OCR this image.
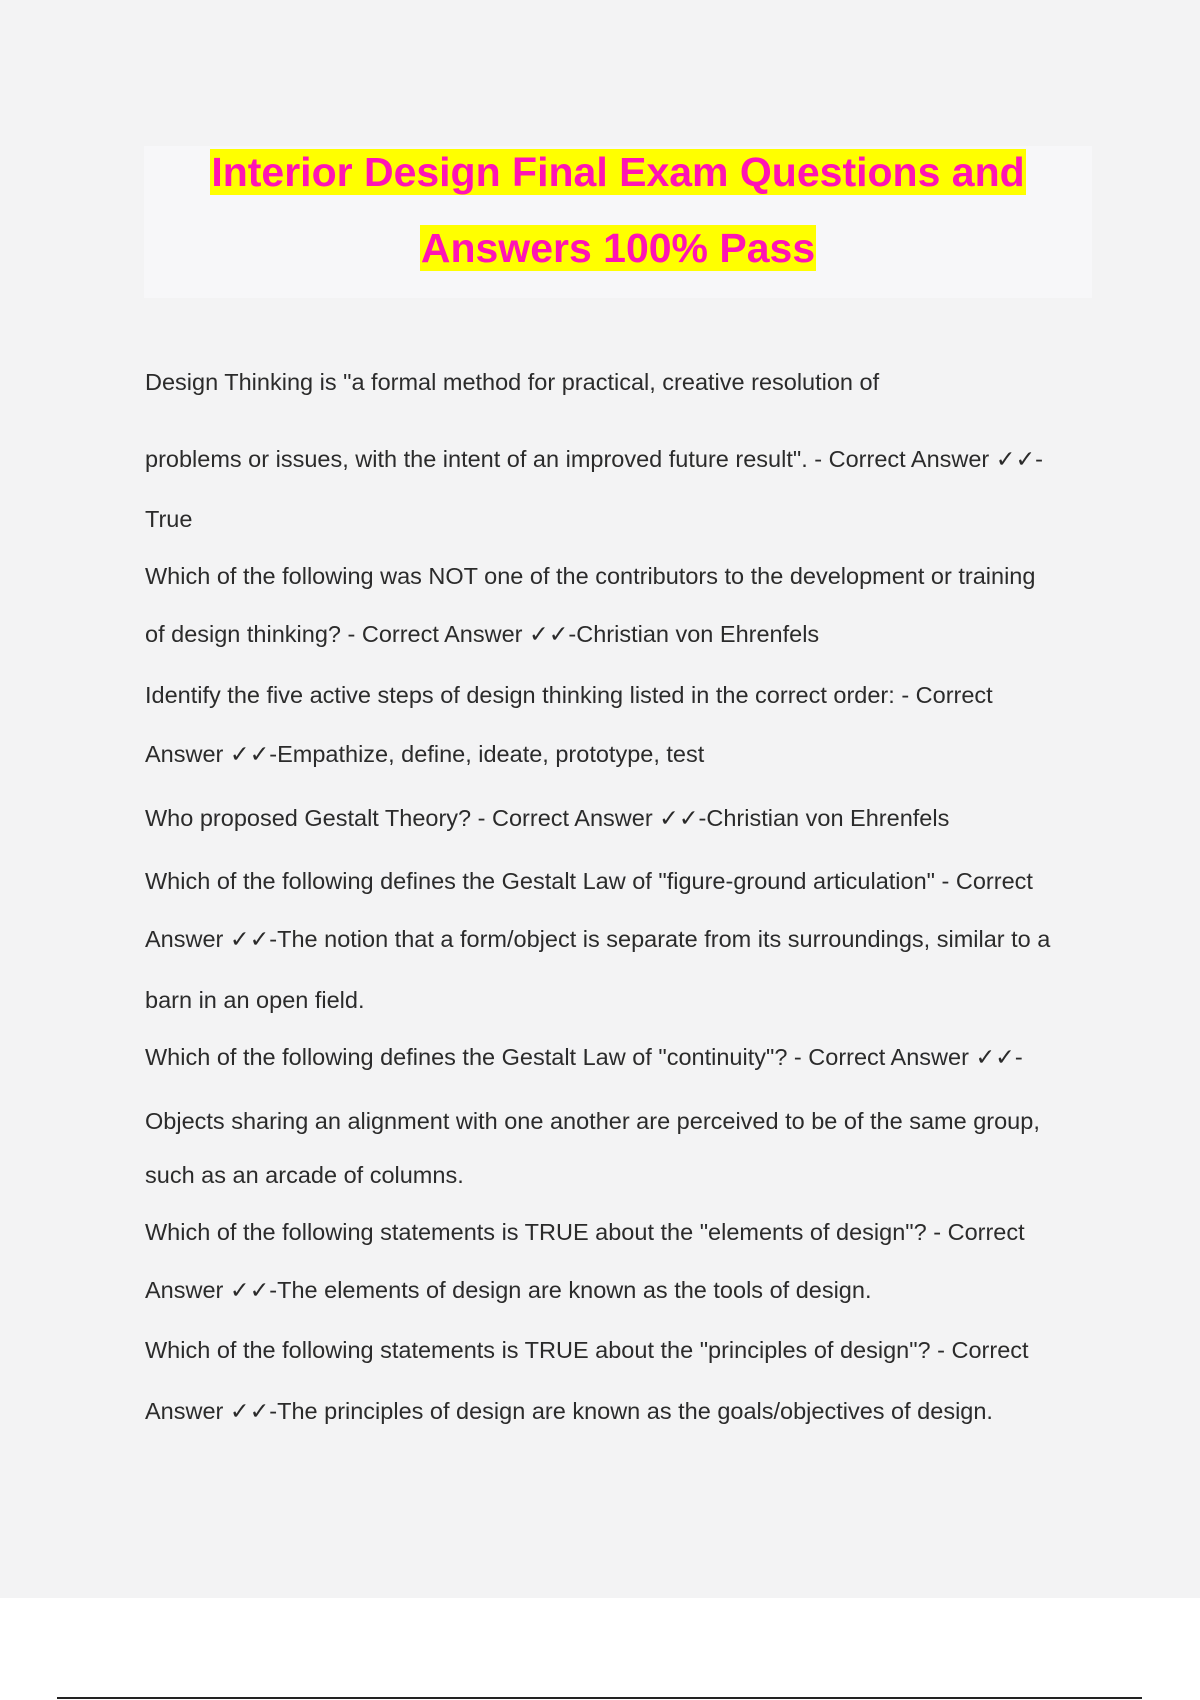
Interior Design Final Exam Questions and
Answers 100% Pass

Design Thinking is "a formal method for practical, creative resolution of

problems or issues, with the intent of an improved future result". - Correct Answer ✓✓-

True

Which of the following was NOT one of the contributors to the development or training

of design thinking? - Correct Answer ✓✓-Christian von Ehrenfels

Identify the five active steps of design thinking listed in the correct order: - Correct

Answer ✓✓-Empathize, define, ideate, prototype, test

Who proposed Gestalt Theory? - Correct Answer ✓✓-Christian von Ehrenfels

Which of the following defines the Gestalt Law of "figure-ground articulation" - Correct

Answer ✓✓-The notion that a form/object is separate from its surroundings, similar to a

barn in an open field.

Which of the following defines the Gestalt Law of "continuity"? - Correct Answer ✓✓-

Objects sharing an alignment with one another are perceived to be of the same group,

such as an arcade of columns.

Which of the following statements is TRUE about the "elements of design"? - Correct

Answer ✓✓-The elements of design are known as the tools of design.

Which of the following statements is TRUE about the "principles of design"? - Correct

Answer ✓✓-The principles of design are known as the goals/objectives of design.
